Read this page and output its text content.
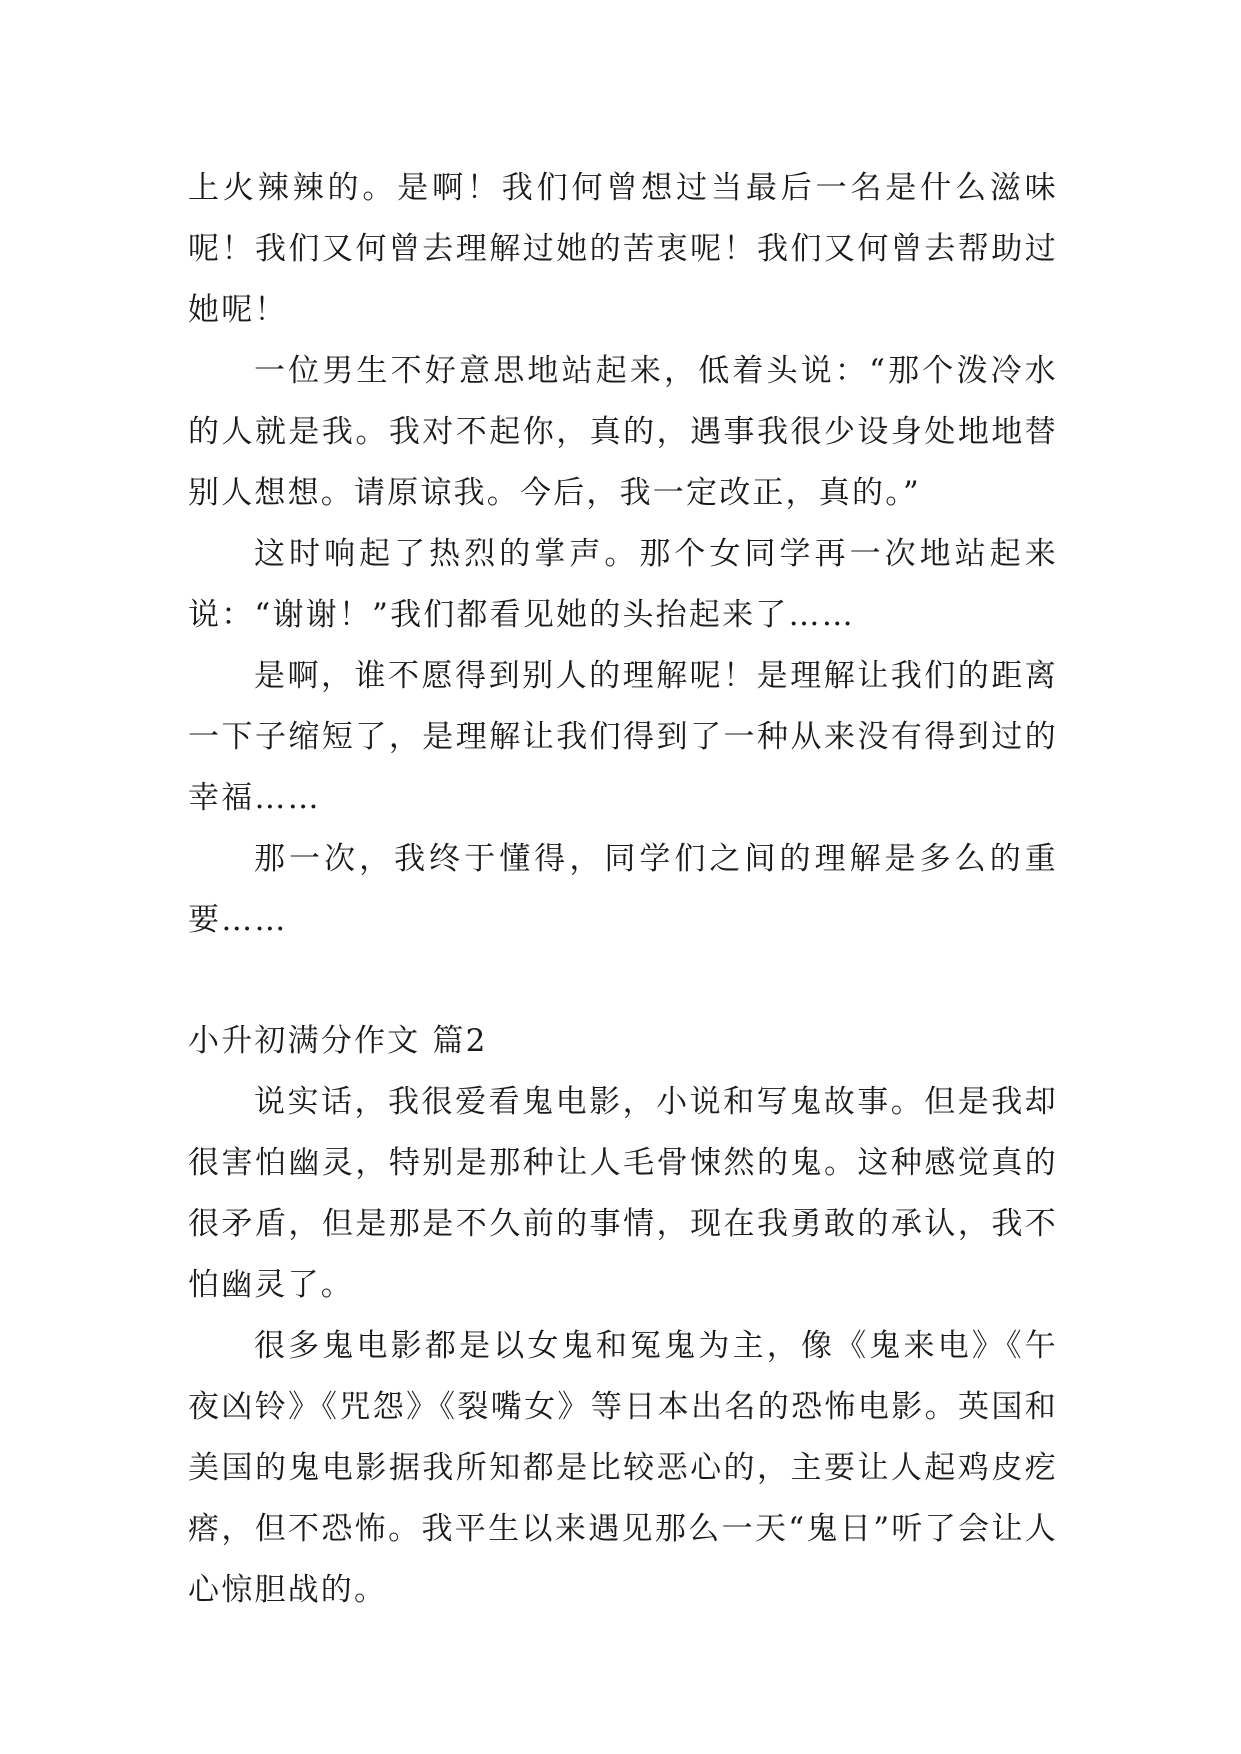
上火辣辣的。是啊！我们何曾想过当最后一名是什么滋味呢！我们又何曾去理解过她的苦衷呢！我们又何曾去帮助过她呢！

一位男生不好意思地站起来，低着头说：“那个泼冷水的人就是我。我对不起你，真的，遇事我很少设身处地地替别人想想。请原谅我。今后，我一定改正，真的。”

这时响起了热烈的掌声。那个女同学再一次地站起来说：“谢谢！”我们都看见她的头抬起来了……

是啊，谁不愿得到别人的理解呢！是理解让我们的距离一下子缩短了，是理解让我们得到了一种从来没有得到过的幸福……

那一次，我终于懂得，同学们之间的理解是多么的重要……

小升初满分作文 篇2

说实话，我很爱看鬼电影，小说和写鬼故事。但是我却很害怕幽灵，特别是那种让人毛骨悚然的鬼。这种感觉真的很矛盾，但是那是不久前的事情，现在我勇敢的承认，我不怕幽灵了。

很多鬼电影都是以女鬼和冤鬼为主，像《鬼来电》《午夜凶铃》《咒怨》《裂嘴女》等日本出名的恐怖电影。英国和美国的鬼电影据我所知都是比较恶心的，主要让人起鸡皮疙瘩，但不恐怖。我平生以来遇见那么一天“鬼日”听了会让人心惊胆战的。
